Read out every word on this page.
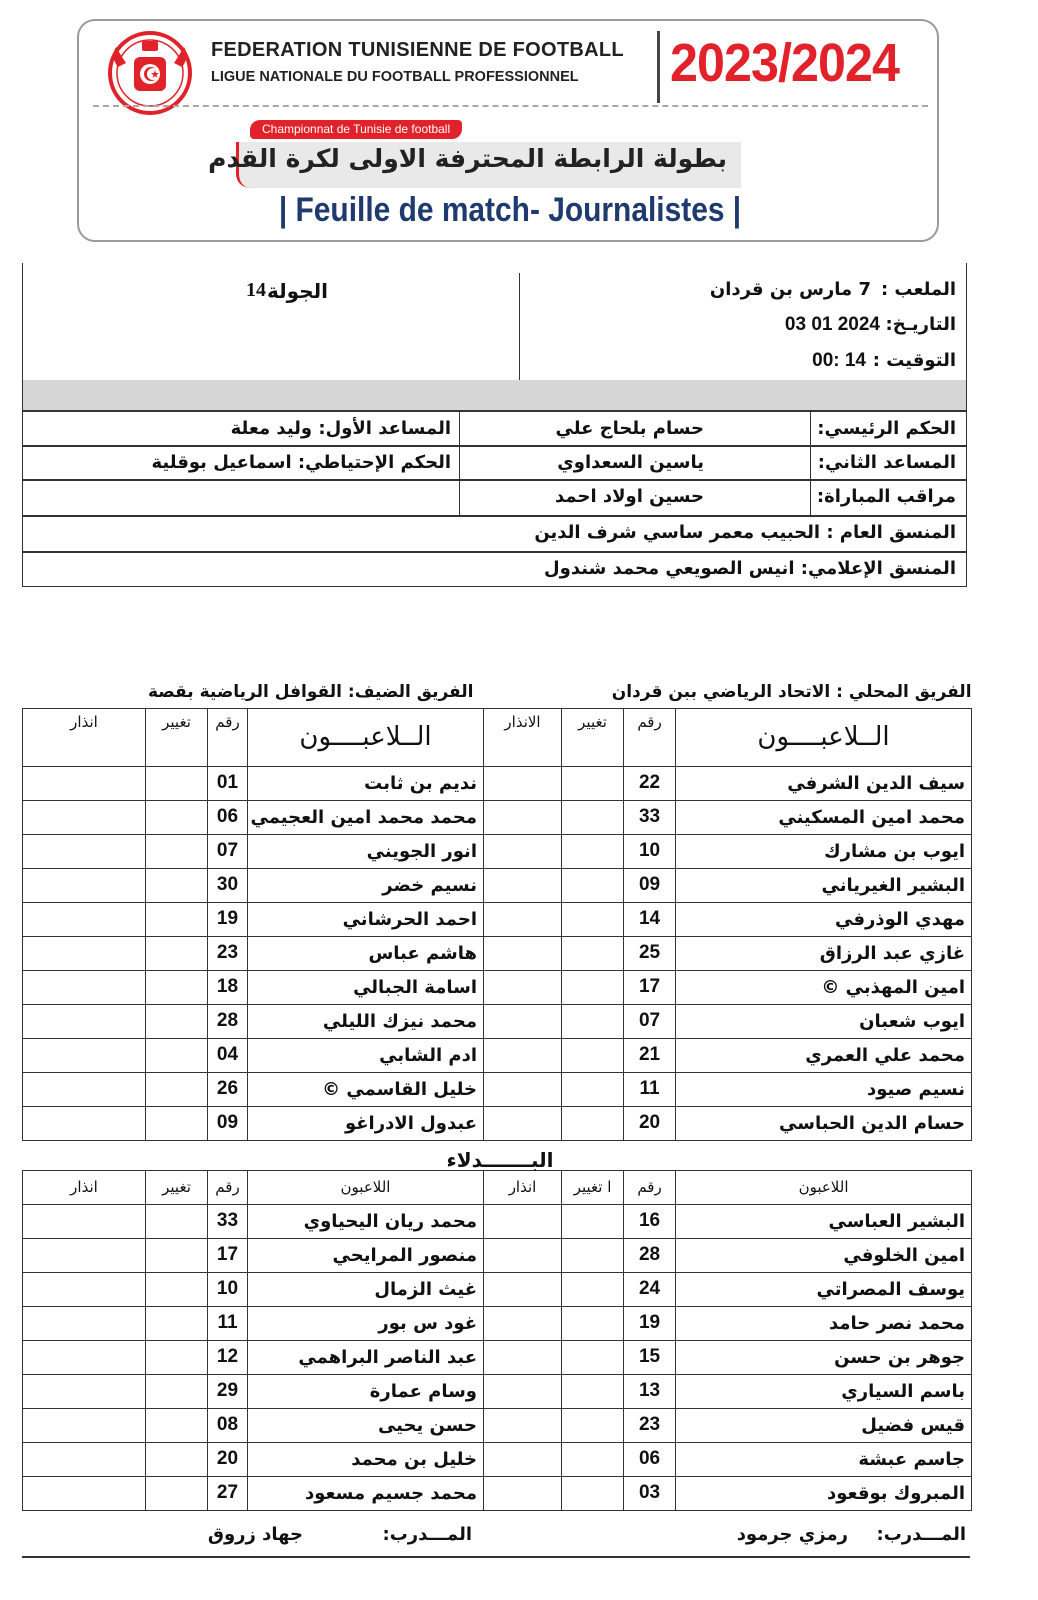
FEDERATION TUNISIENNE DE FOOTBALL
LIGUE NATIONALE DU FOOTBALL PROFESSIONNEL 2023/2024
Championnat de Tunisie de football
بطولة الرابطة المحترفة الاولى لكرة القدم
| Feuille de match- Journalistes |
الملعب :
7 مارس بن قردان
التاريـخ:
03 01 2024
التوقيت :
00: 14
الجولة
14
الحكم الرئيسي:
حسام بلحاج علي
المساعد الأول: وليد معلة
المساعد الثاني:
ياسين السعداوي
الحكم الإحتياطي: اسماعيل بوقلية
مراقب المباراة:
حسين اولاد احمد
المنسق العام : الحبيب معمر ساسي شرف الدين
المنسق الإعلامي: انيس الصويعي محمد شندول
الفريق المحلي : الاتحاد الرياضي ببن قردان			
الــلاعبــــون	رقم	تغيير	الانذار
سيف الدين الشرفي	22		
محمد امين المسكيني	33		
ايوب بن مشارك	10		
البشير الغيرياني	09		
مهدي الوذرفي	14		
غازي عبد الرزاق	25		
امين المهذبي ©	17		
ايوب شعبان	07		
محمد علي العمري	21		
نسيم صيود	11		
حسام الدين الحباسي	20		

اللاعبون	رقم	ا تغيير	انذار
البشير العباسي	16		
امين الخلوفي	28		
يوسف المصراتي	24		
محمد نصر حامد	19		
جوهر بن حسن	15		
باسم السياري	13		
قيس فضيل	23		
جاسم عبشة	06		
المبروك بوقعود	03		
الفريق الضيف: القوافل الرياضية بقصة			
الــلاعبــــون	رقم	تغيير	انذار
نديم بن ثابت	01		
محمد محمد امين العجيمي	06		
انور الجويني	07		
نسيم خضر	30		
احمد الحرشاني	19		
هاشم عباس	23		
اسامة الجبالي	18		
محمد نيزك الليلي	28		
ادم الشابي	04		
خليل القاسمي ©	26		
عبدول الادراغو	09		

اللاعبون	رقم	تغيير	انذار
محمد ريان اليحياوي	33		
منصور المرايحي	17		
غيث الزمال	10		
غود س بور	11		
عبد الناصر البراهمي	12		
وسام عمارة	29		
حسن يحيى	08		
خليل بن محمد	20		
محمد جسيم مسعود	27		
البـــــــدلاء
المـــدرب:
رمزي جرمود
المـــدرب:
جهاد زروق
